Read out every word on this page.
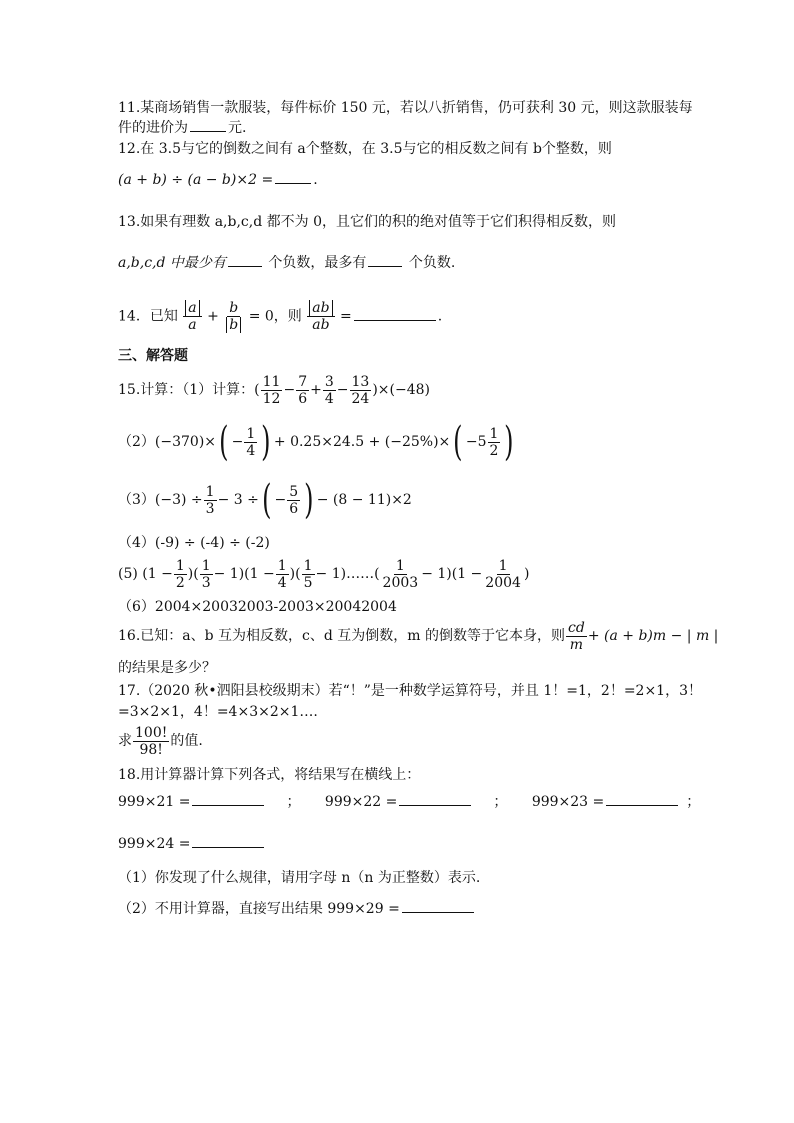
11.某商场销售一款服装，每件标价 150 元，若以八折销售，仍可获利 30 元，则这款服装每
件的进价为	元.
12.在 3.5与它的倒数之间有 a个整数，在 3.5与它的相反数之间有 b个整数，则
(a + b) ÷ (a − b)×2 =	.
13.如果有理数 a,b,c,d 都不为 0，且它们的积的绝对值等于它们积得相反数，则
a,b,c,d 中最少有	个负数，最多有	个负数.
14．已知 $\frac{a}{a} + \frac{b}{b} = 0$，则 $\frac{ab}{ab}$ =	.
三、解答题
15.计算：（1）计算：( $\frac{11}{12} - \frac{7}{6} + \frac{3}{4} - \frac{13}{24} )\times(-48)$
$(2)(-370)\times( - \frac{1}{4}$ ) + $0.25\times 24.5 + (-25\%)\times( -5 \frac{1}{2}$ )
$(3)(-3) \div \frac{1}{3} - 3$ ÷( − $\frac{5}{6}$ ) − (8 − 11)×2
（4）(-9) ÷ (-4) ÷ (-2)
(5) ($1 - \frac{1}{2}$ )( $\frac{1}{3} - 1)(1 - \frac{1}{4}$ )( $\frac{1}{5}$ − 1)……( $\frac{1}{2003} - 1)(1 - \frac{1}{2004}$ )
（6）2004×20032003-2003×20042004
16.已知：a、b 互为相反数，c、d 互为倒数，m 的倒数等于它本身，则 $\frac{cd}{m} + (a + b)m$ − | m |
的结果是多少？
17.（2020 秋•泗阳县校级期末）若“！”是一种数学运算符号，并且 1！=1，2！=2×1，3！
=3×2×1，4！=4×3×2×1….
求 $\frac{100!}{98!}$ 的值.
18.用计算器计算下列各式，将结果写在横线上：
999×21 =	； 999×22 =	； 999×23 =	；
999×24 =
（1）你发现了什么规律，请用字母 n（n 为正整数）表示.
（2）不用计算器，直接写出结果 999×29 =
